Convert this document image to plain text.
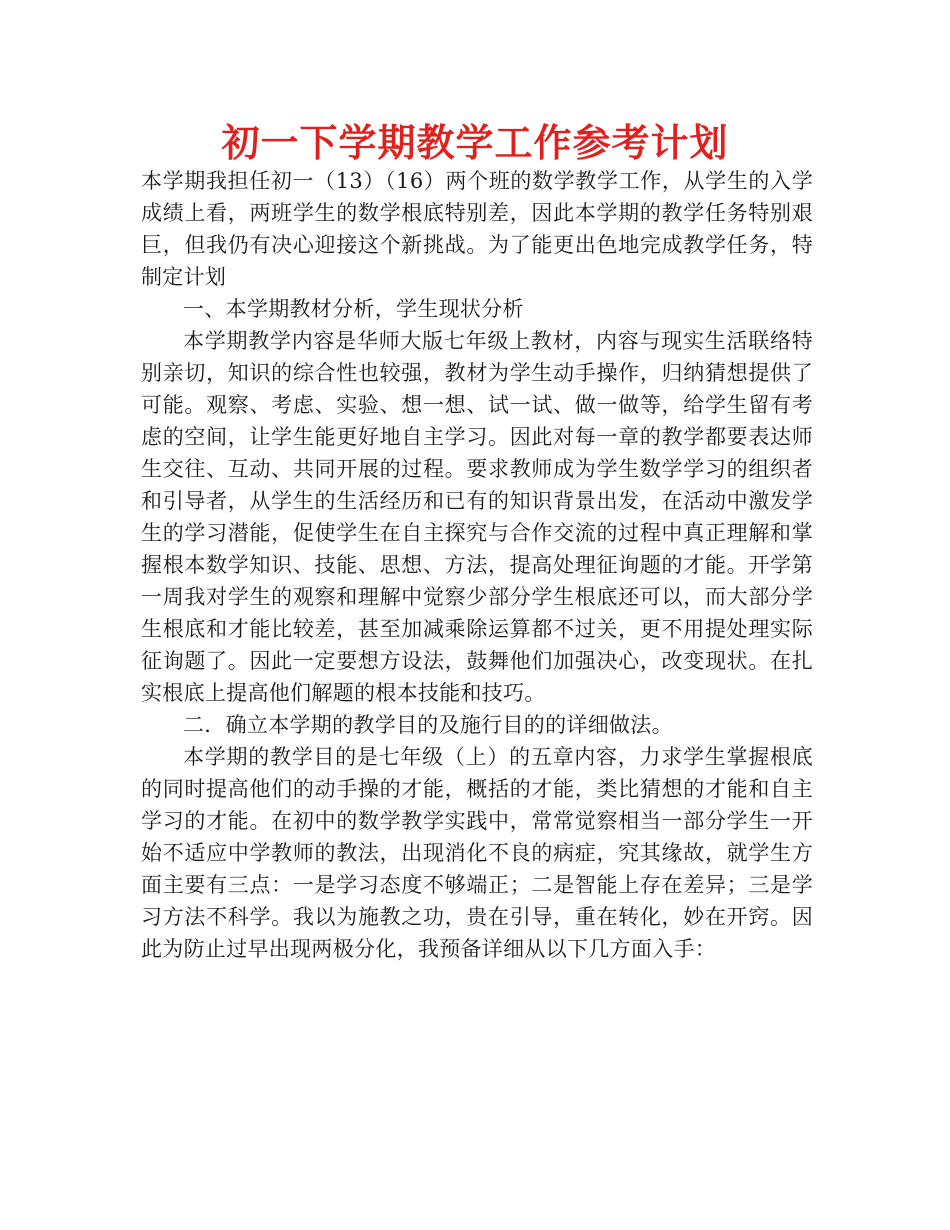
初一下学期教学工作参考计划

本学期我担任初一（13）（16）两个班的数学教学工作，从学生的入学成绩上看，两班学生的数学根底特别差，因此本学期的教学任务特别艰巨，但我仍有决心迎接这个新挑战。为了能更出色地完成教学任务，特制定计划

一、本学期教材分析，学生现状分析

本学期教学内容是华师大版七年级上教材，内容与现实生活联络特别亲切，知识的综合性也较强，教材为学生动手操作，归纳猜想提供了可能。观察、考虑、实验、想一想、试一试、做一做等，给学生留有考虑的空间，让学生能更好地自主学习。因此对每一章的教学都要表达师生交往、互动、共同开展的过程。要求教师成为学生数学学习的组织者和引导者，从学生的生活经历和已有的知识背景出发，在活动中激发学生的学习潜能，促使学生在自主探究与合作交流的过程中真正理解和掌握根本数学知识、技能、思想、方法，提高处理征询题的才能。开学第一周我对学生的观察和理解中觉察少部分学生根底还可以，而大部分学生根底和才能比较差，甚至加减乘除运算都不过关，更不用提处理实际征询题了。因此一定要想方设法，鼓舞他们加强决心，改变现状。在扎实根底上提高他们解题的根本技能和技巧。

二．确立本学期的教学目的及施行目的的详细做法。

本学期的教学目的是七年级（上）的五章内容，力求学生掌握根底的同时提高他们的动手操的才能，概括的才能，类比猜想的才能和自主学习的才能。在初中的数学教学实践中，常常觉察相当一部分学生一开始不适应中学教师的教法，出现消化不良的病症，究其缘故，就学生方面主要有三点：一是学习态度不够端正；二是智能上存在差异；三是学习方法不科学。我以为施教之功，贵在引导，重在转化，妙在开窍。因此为防止过早出现两极分化，我预备详细从以下几方面入手：
